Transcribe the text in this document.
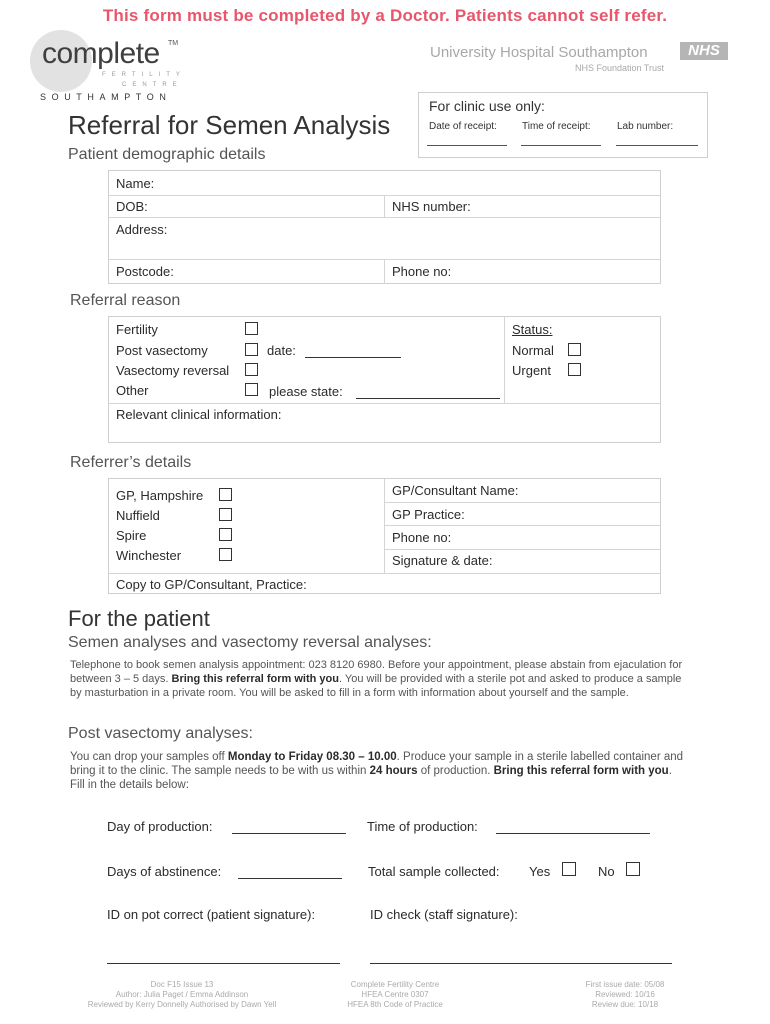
This form must be completed by a Doctor. Patients cannot self refer.
complete TM
FERTILITY
CENTRE
SOUTHAMPTON
University Hospital Southampton	NHS
NHS Foundation Trust
Referral for Semen Analysis
For clinic use only:
Date of receipt:	Time of receipt:	Lab number:
Patient demographic details
Name:
DOB:	NHS number:
Address:
Postcode:	Phone no:
Referral reason
Fertility
Post vasectomy	date:
Vasectomy reversal
Other	please state:
Status:
Normal
Urgent
Relevant clinical information:
Referrer’s details
GP, Hampshire
Nuffield
Spire
Winchester
GP/Consultant Name:
GP Practice:
Phone no:
Signature & date:
Copy to GP/Consultant, Practice:
For the patient
Semen analyses and vasectomy reversal analyses:
Telephone to book semen analysis appointment: 023 8120 6980. Before your appointment, please abstain from ejaculation for between 3 – 5 days. Bring this referral form with you. You will be provided with a sterile pot and asked to produce a sample by masturbation in a private room. You will be asked to fill in a form with information about yourself and the sample.
Post vasectomy analyses:
You can drop your samples off Monday to Friday 08.30 – 10.00. Produce your sample in a sterile labelled container and bring it to the clinic. The sample needs to be with us within 24 hours of production. Bring this referral form with you. Fill in the details below:
Day of production:	Time of production:
Days of abstinence:	Total sample collected: Yes	No
ID on pot correct (patient signature):	ID check (staff signature):
Doc F15 Issue 13
Author: Julia Paget / Emma Addinson
Reviewed by Kerry Donnelly Authorised by Dawn Yell
Complete Fertility Centre
HFEA Centre 0307
HFEA 8th Code of Practice
First issue date: 05/08
Reviewed: 10/16
Review due: 10/18
